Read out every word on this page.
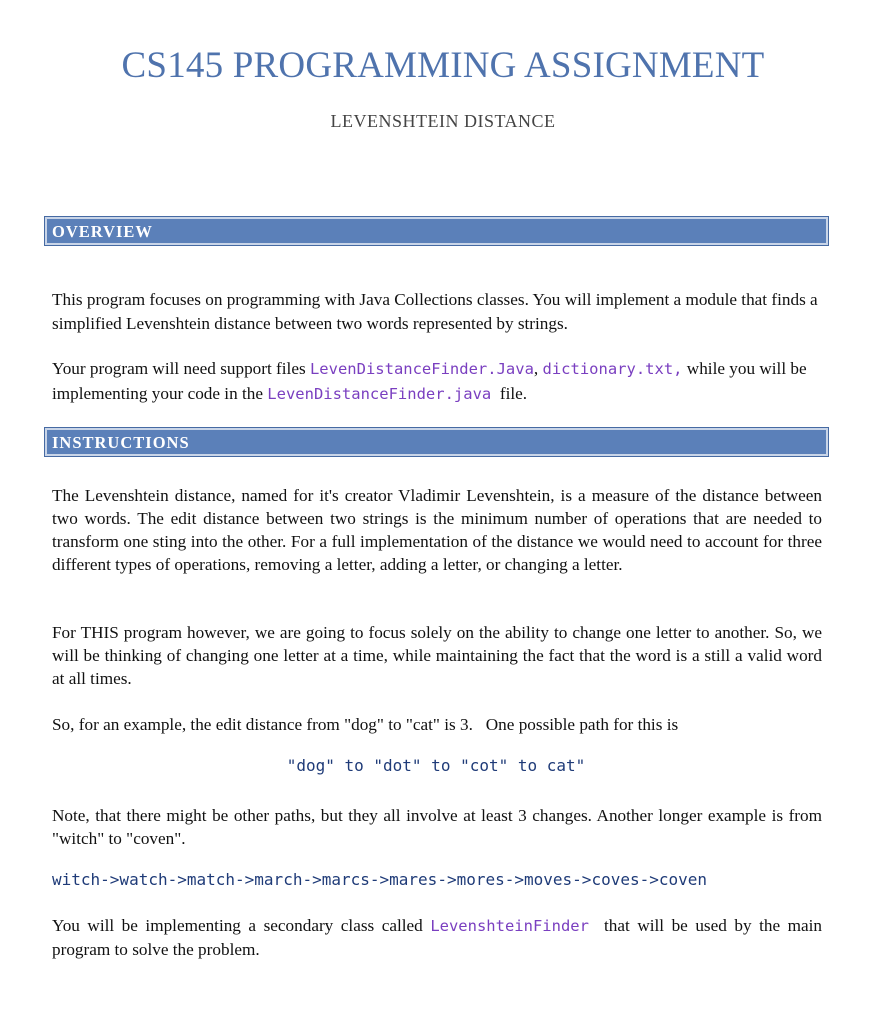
CS145 PROGRAMMING ASSIGNMENT
LEVENSHTEIN DISTANCE
OVERVIEW
This program focuses on programming with Java Collections classes. You will implement a module that finds a simplified Levenshtein distance between two words represented by strings.
Your program will need support files LevenDistanceFinder.Java, dictionary.txt, while you will be implementing your code in the LevenDistanceFinder.java  file.
INSTRUCTIONS
The Levenshtein distance, named for it's creator Vladimir Levenshtein, is a measure of the distance between two words. The edit distance between two strings is the minimum number of operations that are needed to transform one sting into the other. For a full implementation of the distance we would need to account for three different types of operations, removing a letter, adding a letter, or changing a letter.
For THIS program however, we are going to focus solely on the ability to change one letter to another. So, we will be thinking of changing one letter at a time, while maintaining the fact that the word is a still a valid word at all times.
So, for an example, the edit distance from "dog" to "cat" is 3.   One possible path for this is
"dog" to "dot" to "cot" to cat"
Note, that there might be other paths, but they all involve at least 3 changes. Another longer example is from "witch" to "coven".
witch->watch->match->march->marcs->mares->mores->moves->coves->coven
You will be implementing a secondary class called LevenshteinFinder  that will be used by the main program to solve the problem.
